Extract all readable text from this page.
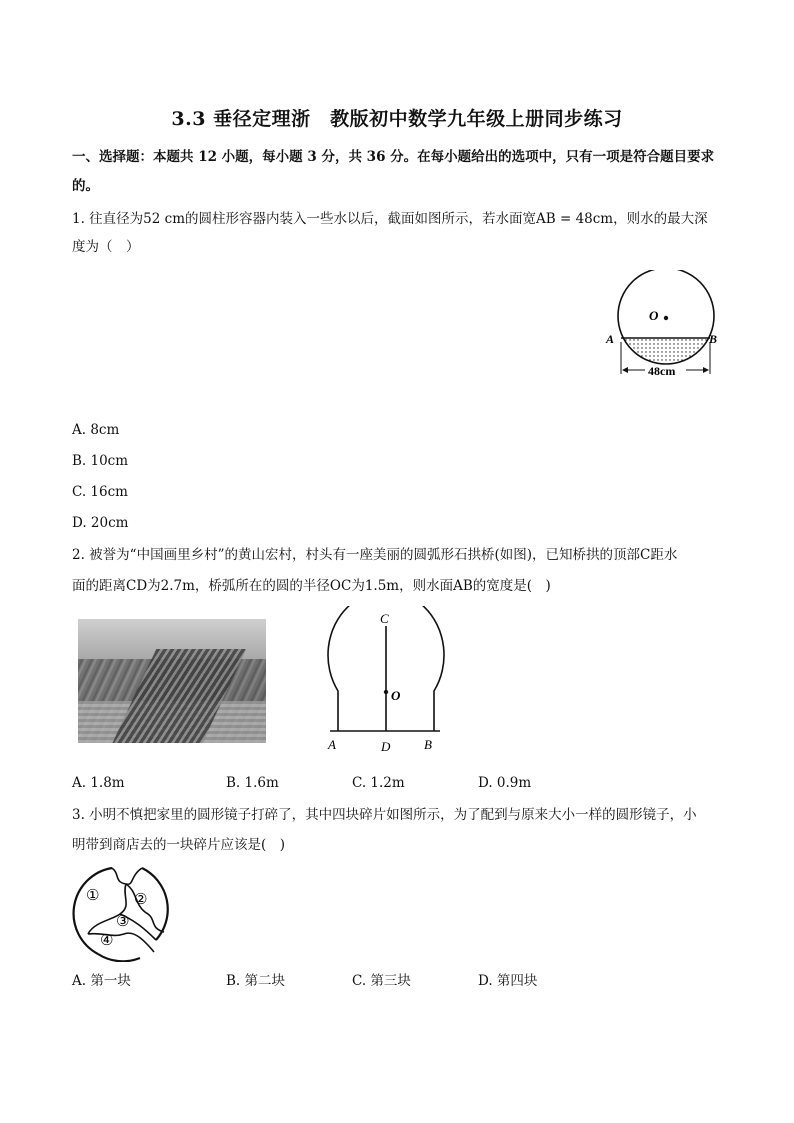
3.3 垂径定理浙　教版初中数学九年级上册同步练习
一、选择题：本题共 12 小题，每小题 3 分，共 36 分。在每小题给出的选项中，只有一项是符合题目要求
的。
1. 往直径为52 cm的圆柱形容器内装入一些水以后，截面如图所示，若水面宽AB = 48cm，则水的最大深
度为（　）
O
A	B
48cm
A. 8cm
B. 10cm
C. 16cm
D. 20cm
2. 被誉为“中国画里乡村”的黄山宏村，村头有一座美丽的圆弧形石拱桥(如图)，已知桥拱的顶部C距水
面的距离CD为2.7m，桥弧所在的圆的半径OC为1.5m，则水面AB的宽度是(　)
C
O
A	D	B
A. 1.8m	B. 1.6m	C. 1.2m	D. 0.9m
3. 小明不慎把家里的圆形镜子打碎了，其中四块碎片如图所示，为了配到与原来大小一样的圆形镜子，小
明带到商店去的一块碎片应该是(　)
① ②
③
④
A. 第一块	B. 第二块	C. 第三块	D. 第四块
